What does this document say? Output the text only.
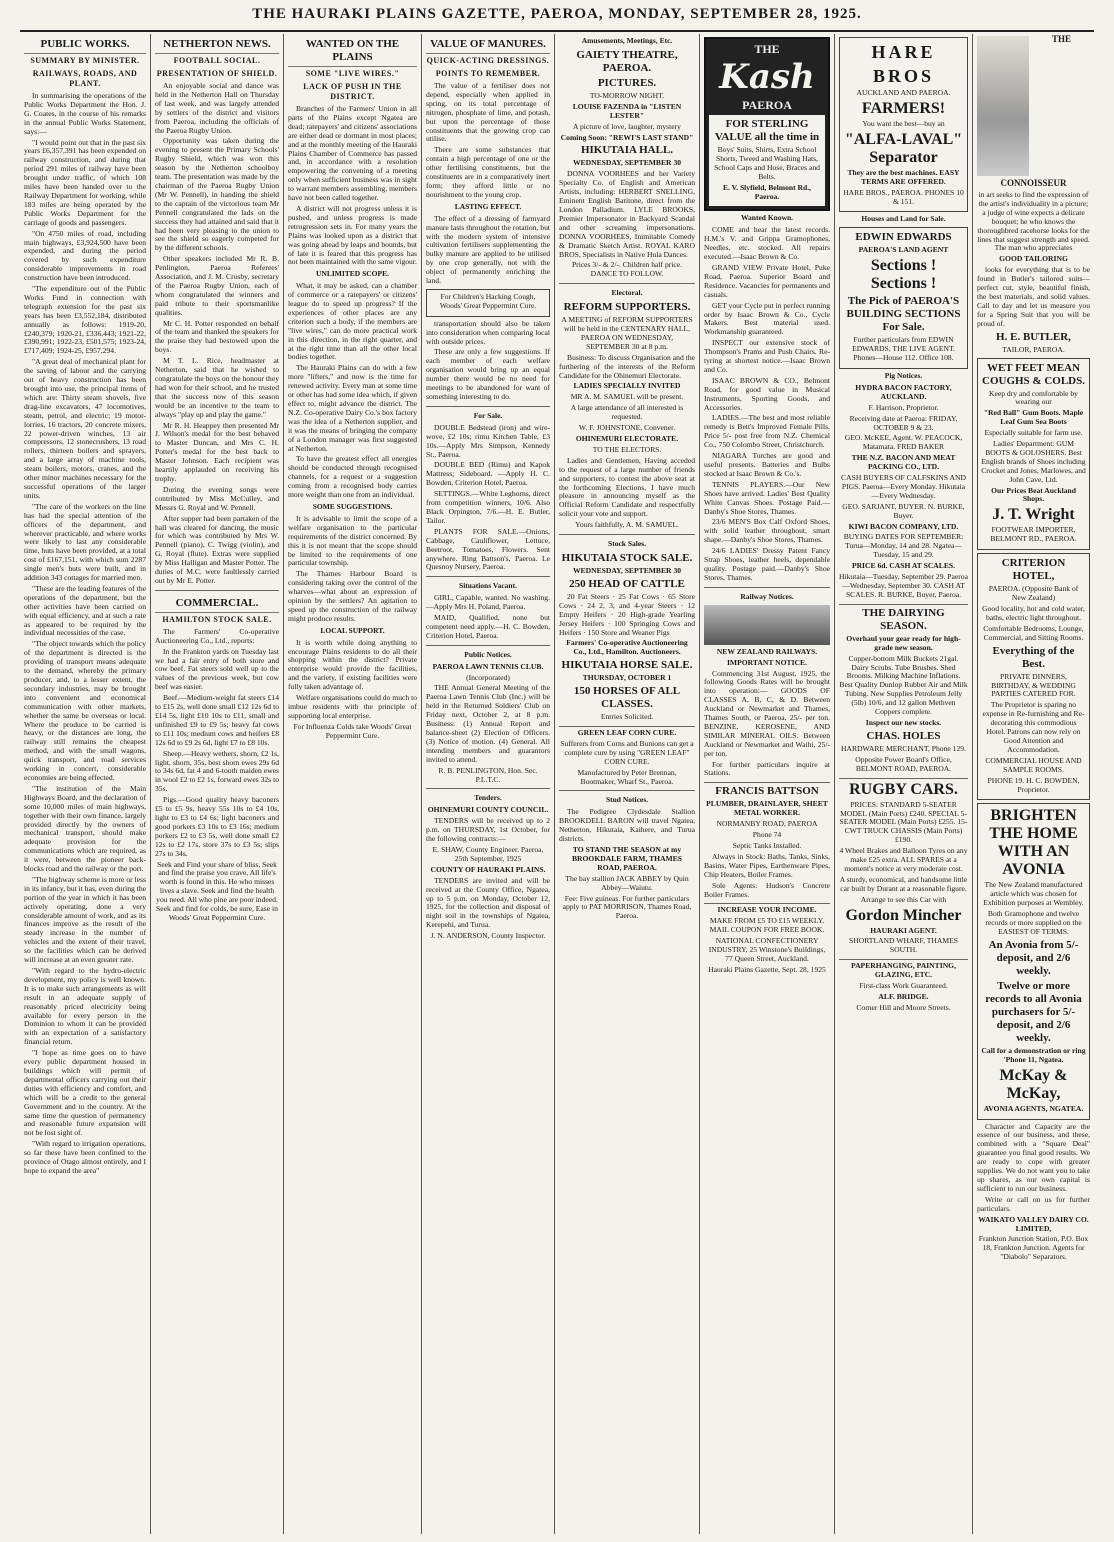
THE HAURAKI PLAINS GAZETTE, PAEROA, MONDAY, SEPTEMBER 28, 1925.
PUBLIC WORKS.
SUMMARY BY MINISTER.
RAILWAYS, ROADS, AND PLANT.

In summarising the operations of the Public Works Department the Hon. J. G. Coates, in the course of his remarks in the annual Public Works Statement, says:—

"I would point out that in the past six years £6,357,391 has been expended on railway construction, and during that period 291 miles of railway have been brought under traffic, of which 108 miles have been handed over to the Railway Department for working, while 183 miles are being operated by the Public Works Department for the carriage of goods and passengers.

"On 4750 miles of road, including main highways, £3,924,500 have been expended, and during the period covered by such expenditure considerable improvements in road construction have been introduced.

"The expenditure out of the Public Works Fund in connection with telegraph extension for the past six years has been £3,552,184, distributed annually as follows: 1919-20, £240,379; 1920-21, £336,443; 1921-22, £390,991; 1922-23, £501,575; 1923-24, £717,409; 1924-25, £957,294.

"A great deal of mechanical plant for the saving of labour and the carrying out of heavy construction has been brought into use, the principal items of which are: Thirty steam shovels, five drag-line excavators, 47 locomotives, steam, petrol, and electric; 19 motor-lorries, 16 tractors, 20 concrete mixers, 22 power-driven winches, 13 air compressors, 12 stonecrushers, 13 road rollers, thirteen boilers and sprayers, and a large array of machine tools, steam boilers, motors, cranes, and the other minor machines necessary for the successful operations of the larger units.

"The care of the workers on the line has had the special attention of the officers of the department, and wherever practicable, and where works were likely to last any considerable time, huts have been provided, at a total cost of £167,151, with which sum 2287 single men's huts were built, and in addition 343 cottages for married men.

"These are the leading features of the operations of the department, but the other activities have been carried on with equal efficiency, and at such a rate as appeared to be required by the individual necessities of the case.

"The object towards which the policy of the department is directed is the providing of transport means adequate to the demand, whereby the primary producer, and, to a lesser extent, the secondary industries, may be brought into convenient and economical communication with other markets, whether the same be overseas or local. Where the produce to be carried is heavy, or the distances are long, the railway still remains the cheapest method, and with the small wagons, quick transport, and road services working in concert, considerable economies are being effected.

"The institution of the Main Highways Board, and the declaration of some 10,000 miles of main highways, together with their own finance, largely provided directly by the owners of mechanical transport, should make adequate provision for the communications which are required, as it were, between the pioneer back-blocks road and the railway or the port.

"The highway scheme is more or less in its infancy, but it has, even during the portion of the year in which it has been actively operating, done a very considerable amount of work, and as its finances improve as the result of the steady increase in the number of vehicles and the extent of their travel, so the facilities which can be derived will increase at an even greater rate.

"With regard to the hydro-electric development, my policy is well known. It is to make such arrangements as will result in an adequate supply of reasonably priced electricity being available for every person in the Dominion to whom it can be provided with an expectation of a satisfactory financial return.

"I hope as time goes on to have every public department housed in buildings which will permit of departmental officers carrying out their duties with efficiency and comfort, and which will be a credit to the general Government and to the country. At the same time the question of permanency and reasonable future expansion will not be lost sight of.

"With regard to irrigation operations, so far these have been confined to the province of Otago almost entirely, and I hope to expand the area"

NETHERTON NEWS.
FOOTBALL SOCIAL.
PRESENTATION OF SHIELD.

An enjoyable social and dance was held in the Netherton Hall on Thursday of last week, and was largely attended by settlers of the district and visitors from Paeroa, including the officials of the Paeroa Rugby Union.

Opportunity was taken during the evening to present the Primary Schools' Rugby Shield, which was won this season by the Netherton schoolboy team. The presentation was made by the chairman of the Paeroa Rugby Union (Mr W. Pennell), in handing the shield to the captain of the victorious team Mr Pennell congratulated the lads on the success they had attained and said that it had been very pleasing to the union to see the shield so eagerly competed for by the different schools.

Other speakers included Mr R. B. Penlington, Paeroa Referees' Association, and J. M. Crosby, secretary of the Paeroa Rugby Union, each of whom congratulated the winners and paid tribute to their sportsmanlike qualities.

Mr C. H. Potter responded on behalf of the team and thanked the speakers for the praise they had bestowed upon the boys.

M T. L. Rice, headmaster at Netherton, said that he wished to congratulate the boys on the honour they had won for their school, and he trusted that the success now of this season would be an incentive to the team to always "play up and play the game."

Mr R. H. Heappey then presented Mr J. Wilson's medal for the best behaved to Master Duncan, and Mrs C. H. Potter's medal for the best back to Master Johnson. Each recipient was heartily applauded on receiving his trophy.

During the evening songs were contributed by Miss McCulley, and Messrs G. Royal and W. Pennell.

After supper had been partaken of the hall was cleared for dancing, the music for which was contributed by Mrs W. Pennell (piano), C. Twigg (violin), and G. Royal (flute). Extras were supplied by Miss Halligan and Master Potter. The duties of M.C. were faultlessly carried out by Mr E. Potter.

COMMERCIAL.
HAMILTON STOCK SALE.

The Farmers' Co-operative Auctioneering Co., Ltd., reports:

In the Frankton yards on Tuesday last we had a fair entry of both store and cow beef. Fat steers sold well up to the values of the previous week, but cow beef was easier.

Beef.—Medium-weight fat steers £14 to £15 2s, well done small £12 12s 6d to £14 5s, light £10 10s to £11, small and unfinished £9 to £9 5s; heavy fat cows to £11 10s; medium cows and heifers £8 12s 6d to £9 2s 6d, light £7 to £8 10s.

Sheep.—Heavy wethers, shorn, £2 1s, light, shorn, 35s, best shorn ewes 29s 6d to 34s 6d, fat 4 and 6-tooth maiden ewes in wool £2 to £2 1s, forward ewes 32s to 35s.

Pigs.—Good quality heavy baconers £5 to £5 9s, heavy 55s 10s to £4 10s, light to £3 to £4 6s; light baconers and good porkers £3 10s to £3 16s; medium porkers £2 to £3 5s, well done small £2 12s to £2 17s, store 37s to £3 5s; slips 27s to 34s.

Seek and Find your share of bliss, Seek and find the praise you crave, All life's worth is found in this. He who misses lives a slave. Seek and find the health you need. All who pine are poor indeed. Seek and find for colds, be sure, Ease in Woods' Great Peppermint Cure.

WANTED ON THE PLAINS
SOME "LIVE WIRES."
LACK OF PUSH IN THE DISTRICT.

Branches of the Farmers' Union in all parts of the Plains except Ngatea are dead; ratepayers' and citizens' associations are either dead or dormant in most places; and at the monthly meeting of the Hauraki Plains Chamber of Commerce has passed and, in accordance with a resolution empowering the convening of a meeting only when sufficient business was in sight to warrant members assembling, members have not been called together.

A district will not progress unless it is pushed, and unless progress is made retrogression sets in. For many years the Plains was looked upon as a district that was going ahead by leaps and bounds, but of late it is feared that this progress has not been maintained with the same vigour.

UNLIMITED SCOPE.

What, it may be asked, can a chamber of commerce or a ratepayers' or citizens' league do to speed up progress? If the experiences of other places are any criterion such a body, if the members are "live wires," can do more practical work in this direction, in the right quarter, and at the right time than all the other local bodies together.

The Hauraki Plains can do with a few more "lifters," and now is the time for renewed activity. Every man at some time or other has had some idea which, if given effect to, might advance the district. The N.Z. Co-operative Dairy Co.'s box factory was the idea of a Netherton supplier, and it was the means of bringing the company of a London manager was first suggested at Netherton.

To have the greatest effect all energies should be conducted through recognised channels, for a request or a suggestion coming from a recognised body carries more weight than one from an individual.

SOME SUGGESTIONS.

It is advisable to limit the scope of a welfare organisation to the particular requirements of the district concerned. By this it is not meant that the scope should be limited to the requirements of one particular township.

The Thames Harbour Board is considering taking over the control of the wharves—what about an expression of opinion by the settlers? An agitation to speed up the construction of the railway might produce results.

LOCAL SUPPORT.

It is worth while doing anything to encourage Plains residents to do all their shopping within the district? Private enterprise would provide the facilities, and the variety, if existing facilities were fully taken advantage of.

Welfare organisations could do much to imbue residents with the principle of supporting local enterprise.

For Influenza Colds take Woods' Great Peppermint Cure.

VALUE OF MANURES.
QUICK-ACTING DRESSINGS.
POINTS TO REMEMBER.

The value of a fertiliser does not depend, especially when applied in spring, on its total percentage of nitrogen, phosphate of lime, and potash, but upon the percentage of those constituents that the growing crop can utilise.

There are some substances that contain a high percentage of one or the other fertilising constituents, but the constituents are in a comparatively inert form; they afford little or no nourishment to the young crop.

LASTING EFFECT.

The effect of a dressing of farmyard manure lasts throughout the rotation, but with the modern system of intensive cultivation fertilisers supplementing the bulky manure are applied to be utilised by one crop generally, not with the object of permanently enriching the land.

For Children's Hacking Cough, Woods' Great Peppermint Cure.

transportation should also be taken into consideration when comparing local with outside prices.

These are only a few suggestions. If each member of each welfare organisation would bring up an equal number there would be no need for meetings to be abandoned for want of something interesting to do.

For Sale.

DOUBLE Bedstead (iron) and wire-wove, £2 10s; rimu Kitchen Table, £3 10s.—Apply Mrs Simpson, Kennedy St., Paeroa.

DOUBLE BED (Rimu) and Kapok Mattress; Sideboard. —Apply H. C. Bowden, Criterion Hotel, Paeroa.

SETTINGS.—White Leghorns, direct from competition winners, 10/6. Also Black Orpington, 7/6.—H. E. Butler, Tailor.

PLANTS FOR SALE.—Onions, Cabbage, Cauliflower, Lettuce, Beetroot, Tomatoes, Flowers. Sent anywhere. Ring Battson's, Paeroa. Le Quesnoy Nursery, Paeroa.

Situations Vacant.

GIRL, Capable, wanted. No washing.—Apply Mrs H. Poland, Paeroa.

MAID, Qualified, none but competent need apply.—H. C. Bowden, Criterion Hotel, Paeroa.

Public Notices.

PAEROA LAWN TENNIS CLUB.

(Incorporated)

THE Annual General Meeting of the Paeroa Lawn Tennis Club (Inc.) will be held in the Returned Soldiers' Club on Friday next, October 2, at 8 p.m. Business: (1) Annual Report and balance-sheet (2) Election of Officers. (3) Notice of motion. (4) General. All intending members and guarantors invited to attend.

R. B. PENLINGTON, Hon. Sec. P.L.T.C.

Tenders.

OHINEMURI COUNTY COUNCIL.

TENDERS will be received up to 2 p.m. on THURSDAY, 1st October, for the following contracts:—

E. SHAW, County Engineer. Paeroa, 25th September, 1925

COUNTY OF HAURAKI PLAINS.

TENDERS are invited and will be received at the County Office, Ngatea, up to 5 p.m. on Monday, October 12, 1925, for the collection and disposal of night soil in the townships of Ngatea, Kerepehi, and Turua.

J. N. ANDERSON, County Inspector.

Amusements, Meetings, Etc.

GAIETY THEATRE, PAEROA.

PICTURES.

TO-MORROW NIGHT.

LOUISE FAZENDA in "LISTEN LESTER"

A picture of love, laughter, mystery

Coming Soon: "REWI'S LAST STAND"

HIKUTAIA HALL.

WEDNESDAY, SEPTEMBER 30

DONNA VOORHEES and her Variety Specialty Co. of English and American Artists, including: HERBERT SNELLING, Eminent English Baritone, direct from the London Palladium. LYLE BROOKS, Premier Impersonator in Backyard Scandal and other screaming impersonations. DONNA VOORHEES, Inimitable Comedy & Dramatic Sketch Artist. ROYAL KARO BROS, Specialists in Native Hula Dances.

Prices 3/- & 2/-. Children half price. DANCE TO FOLLOW.

Electoral.

REFORM SUPPORTERS.

A MEETING of REFORM SUPPORTERS will be held in the CENTENARY HALL, PAEROA ON WEDNESDAY, SEPTEMBER 30 at 8 p.m.

Business: To discuss Organisation and the furthering of the interests of the Reform Candidate for the Ohinemuri Electorate.

LADIES SPECIALLY INVITED

MR A. M. SAMUEL will be present.

A large attendance of all interested is requested.

W. F. JOHNSTONE, Convener.

OHINEMURI ELECTORATE.

TO THE ELECTORS.

Ladies and Gentlemen, Having acceded to the request of a large number of friends and supporters, to contest the above seat at the forthcoming Elections, I have much pleasure in announcing myself as the Official Reform Candidate and respectfully solicit your vote and support.

Yours faithfully, A. M. SAMUEL.

Stock Sales.

HIKUTAIA STOCK SALE.

WEDNESDAY, SEPTEMBER 30

250 HEAD OF CATTLE

20 Fat Steers · 25 Fat Cows · 65 Store Cows · 24 2, 3, and 4-year Steers · 12 Empty Heifers · 20 High-grade Yearling Jersey Heifers · 100 Springing Cows and Heifers · 150 Store and Weaner Pigs

Farmers' Co-operative Auctioneering Co., Ltd., Hamilton. Auctioneers.

HIKUTAIA HORSE SALE.

THURSDAY, OCTOBER 1

150 HORSES OF ALL CLASSES.

Entries Solicited.

GREEN LEAF CORN CURE.

Sufferers from Corns and Bunions can get a complete cure by using "GREEN LEAF" CORN CURE.

Manufactured by Peter Brennan, Bootmaker, Wharf St., Paeroa.

Stud Notices.

The Pedigree Clydesdale Stallion BROOKDELL BARON will travel Ngatea, Netherton, Hikutaia, Kaihere, and Turua districts.

TO STAND THE SEASON at my BROOKDALE FARM, THAMES ROAD, PAEROA.

The bay stallion JACK ABBEY by Quin Abbey—Waiutu.

Fee: Five guineas. For further particulars apply to PAT MORRISON, Thames Road, Paeroa.

THE

Kash

PAEROA

FOR STERLING VALUE all the time in

Boys' Suits, Shirts, Extra School Shorts, Tweed and Washing Hats, School Caps and Hose, Braces and Belts.

E. V. Slyfield, Belmont Rd., Paeroa.

Wanted Known.

COME and hear the latest records. H.M.'s V. and Grippa Gramophones, Needles, etc. stocked. All repairs executed.—Isaac Brown & Co.

GRAND VIEW Private Hotel, Puke Road, Paeroa. Superior Board and Residence. Vacancies for permanents and casuals.

GET your Cycle put in perfect running order by Isaac Brown & Co., Cycle Makers. Best material used. Workmanship guaranteed.

INSPECT our extensive stock of Thompson's Prams and Push Chairs. Re-tyring at shortest notice.—Isaac Brown and Co.

ISAAC BROWN & CO., Belmont Road, for good value in Musical Instruments, Sporting Goods, and Accessories.

LADIES.—The best and most reliable remedy is Bett's Improved Female Pills. Price 5/- post free from N.Z. Chemical Co., 750 Colombo Street, Christchurch.

NIAGARA Torches are good and useful presents. Batteries and Bulbs stocked at Isaac Brown & Co.'s.

TENNIS PLAYERS.—Our New Shoes have arrived. Ladies' Best Quality White Canvas Shoes. Postage Paid.—Danby's Shoe Stores, Thames.

23/6 MEN'S Box Calf Oxford Shoes, with solid leather throughout, smart shape.—Danby's Shoe Stores, Thames.

24/6 LADIES' Dressy Patent Fancy Strap Shoes, leather heels, dependable quality. Postage paid.—Danby's Shoe Stores, Thames.

Railway Notices.

NEW ZEALAND RAILWAYS.

IMPORTANT NOTICE.

Commencing 31st August, 1925, the following Goods Rates will be brought into operation:— GOODS OF CLASSES A, B, C, & D. Between Auckland or Newmarket and Thames, Thames South, or Paeroa, 25/- per ton. BENZINE, KEROSENE, AND SIMILAR MINERAL OILS. Between Auckland or Newmarket and Waihi, 25/- per ton.

For further particulars inquire at Stations.

FRANCIS BATTSON

PLUMBER, DRAINLAYER, SHEET METAL WORKER.

NORMANBY ROAD, PAEROA

Phone 74

Septic Tanks Installed.

Always in Stock: Baths, Tanks, Sinks, Basins, Water Pipes, Earthenware Pipes, Chip Heaters, Boiler Frames.

Sole Agents: Hudson's Concrete Boiler Frames.

INCREASE YOUR INCOME.

MAKE FROM £5 TO £15 WEEKLY. MAIL COUPON FOR FREE BOOK.

NATIONAL CONFECTIONERY INDUSTRY, 25 Winstone's Buildings, 77 Queen Street, Auckland.

Hauraki Plains Gazette, Sept. 28, 1925

HARE

BROS

AUCKLAND AND PAEROA.

FARMERS!

You want the best—buy an

"ALFA-LAVAL" Separator

They are the best machines. EASY TERMS ARE OFFERED.

HARE BROS., PAEROA. PHONES 10 & 151.

Houses and Land for Sale.

EDWIN EDWARDS

PAEROA'S LAND AGENT

Sections ! Sections !

The Pick of PAEROA'S BUILDING SECTIONS For Sale.

Further particulars from EDWIN EDWARDS, THE LIVE AGENT. Phones—House 112. Office 108.

Pig Notices.

HYDRA BACON FACTORY, AUCKLAND.

F. Harrison, Proprietor.

Receiving date at Paeroa: FRIDAY, OCTOBER 9 & 23.

GEO. McKEE, Agent. W. PEACOCK, Matamata. FRED BAKER

THE N.Z. BACON AND MEAT PACKING CO., LTD.

CASH BUYERS OF CALFSKINS AND PIGS. Paeroa—Every Monday. Hikutaia—Every Wednesday.

GEO. SARJANT, BUYER. N. BURKE, Buyer.

KIWI BACON COMPANY, LTD.

BUYING DATES FOR SEPTEMBER: Turua—Monday, 14 and 28. Ngatea—Tuesday, 15 and 29.

PRICE 6d. CASH AT SCALES.

Hikutaia—Tuesday, September 29. Paeroa—Wednesday, September 30. CASH AT SCALES. R. BURKE, Buyer, Paeroa.

THE DAIRYING SEASON.

Overhaul your gear ready for high-grade new season.

Copper-bottom Milk Buckets 21gal. Dairy Scrubs. Tube Brushes. Shed Brooms. Milking Machine Inflations. Best Quality Dunlop Rubber Air and Milk Tubing. New Supplies Petroleum Jelly (5lb) 10/6, and 12 gallon Methven Coppers complete.

Inspect our new stocks.

CHAS. HOLES

HARDWARE MERCHANT, Phone 129.

Opposite Power Board's Office, BELMONT ROAD, PAEROA.

RUGBY CARS.

PRICES: STANDARD 5-SEATER MODEL (Main Ports) £240. SPECIAL 5-SEATER MODEL (Main Ports) £255. 15-CWT TRUCK CHASSIS (Main Ports) £190.

4 Wheel Brakes and Balloon Tyres on any make £25 extra. ALL SPARES at a moment's notice at very moderate cost.

A sturdy, economical, and handsome little car built by Durant at a reasonable figure.

Arrange to see this Car with

Gordon Mincher

HAURAKI AGENT.

SHORTLAND WHARF, THAMES SOUTH.

PAPERHANGING, PAINTING, GLAZING, ETC.

First-class Work Guaranteed.

ALF. BRIDGE.

Corner Hill and Moore Streets.

THE CONNOISSEUR

in art seeks to find the expression of the artist's individuality in a picture; a judge of wine expects a delicate bouquet; he who knows the thoroughbred racehorse looks for the lines that suggest strength and speed. The man who appreciates

GOOD TAILORING

looks for everything that is to be found in Butler's tailored suits—perfect cut, style, beautiful finish, the best materials, and solid values. Call to day and let us measure you for a Spring Suit that you will be proud of.

H. E. BUTLER,

TAILOR, PAEROA.

WET FEET MEAN COUGHS & COLDS.

Keep dry and comfortable by wearing our

"Red Ball" Gum Boots. Maple Leaf Gum Sea Boots

Especially suitable for farm use.

Ladies' Department: GUM BOOTS & GOLOSHERS. Best English brands of Shoes including Crocket and Jones, Marlowes, and John Cave, Ltd.

Our Prices Beat Auckland Shops.

J. T. Wright

FOOTWEAR IMPORTER, BELMONT RD., PAEROA.

CRITERION HOTEL,

PAEROA. (Opposite Bank of New Zealand)

Good locality, hot and cold water, baths, electric light throughout.

Comfortable Bedrooms, Lounge, Commercial, and Sitting Rooms.

Everything of the Best.

PRIVATE DINNERS, BIRTHDAY, & WEDDING PARTIES CATERED FOR.

The Proprietor is sparing no expense in Re-furnishing and Re-decorating this commodious Hotel. Patrons can now rely on Good Attention and Accommodation.

COMMERCIAL HOUSE AND SAMPLE ROOMS.

PHONE 19. H. C. BOWDEN, Proprietor.

BRIGHTEN THE HOME WITH AN AVONIA

The New Zealand manufactured article which was chosen for Exhibition purposes at Wembley.

Both Gramophone and twelve records or more supplied on the EASIEST OF TERMS.

An Avonia from 5/- deposit, and 2/6 weekly.

Twelve or more records to all Avonia purchasers for 5/- deposit, and 2/6 weekly.

Call for a demonstration or ring 'Phone 11, Ngatea.

McKay & McKay,

AVONIA AGENTS, NGATEA.

Character and Capacity are the essence of our business, and these, combined with a "Square Deal" guarantee you final good results. We are ready to cope with greater supplies. We do not want you to take up shares, as our own capital is sufficient to run our business.

Write or call on us for further particulars.

WAIKATO VALLEY DAIRY CO. LIMITED,

Frankton Junction Station, P.O. Box 18, Frankton Junction. Agents for "Diabolo" Separators.
